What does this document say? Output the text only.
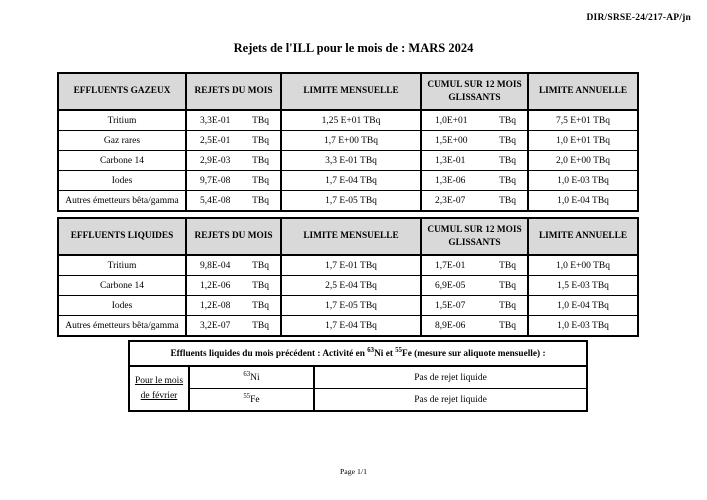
DIR/SRSE-24/217-AP/jn
Rejets de l'ILL pour le mois de : MARS 2024
EFFLUENTS GAZEUX	REJETS DU MOIS	LIMITE MENSUELLE	CUMUL SUR 12 MOIS GLISSANTS	LIMITE ANNUELLE
Tritium	3,3E-01 TBq	1,25 E+01 TBq	1,0E+01 TBq	7,5 E+01 TBq
Gaz rares	2,5E-01 TBq	1,7 E+00 TBq	1,5E+00 TBq	1,0 E+01 TBq
Carbone 14	2,9E-03 TBq	3,3 E-01 TBq	1,3E-01 TBq	2,0 E+00 TBq
Iodes	9,7E-08 TBq	1,7 E-04 TBq	1,3E-06 TBq	1,0 E-03 TBq
Autres émetteurs bêta/gamma	5,4E-08 TBq	1,7 E-05 TBq	2,3E-07 TBq	1,0 E-04 TBq
EFFLUENTS LIQUIDES	REJETS DU MOIS	LIMITE MENSUELLE	CUMUL SUR 12 MOIS GLISSANTS	LIMITE ANNUELLE
Tritium	9,8E-04 TBq	1,7 E-01 TBq	1,7E-01 TBq	1,0 E+00 TBq
Carbone 14	1,2E-06 TBq	2,5 E-04 TBq	6,9E-05 TBq	1,5 E-03 TBq
Iodes	1,2E-08 TBq	1,7 E-05 TBq	1,5E-07 TBq	1,0 E-04 TBq
Autres émetteurs bêta/gamma	3,2E-07 TBq	1,7 E-04 TBq	8,9E-06 TBq	1,0 E-03 TBq
Effluents liquides du mois précédent : Activité en $^{63}$Ni et $^{55}$Fe (mesure sur aliquote mensuelle) :		

Pour le mois
de février	$^{63}$Ni	Pas de rejet liquide
	$^{55}$Fe	Pas de rejet liquide
Page 1/1
